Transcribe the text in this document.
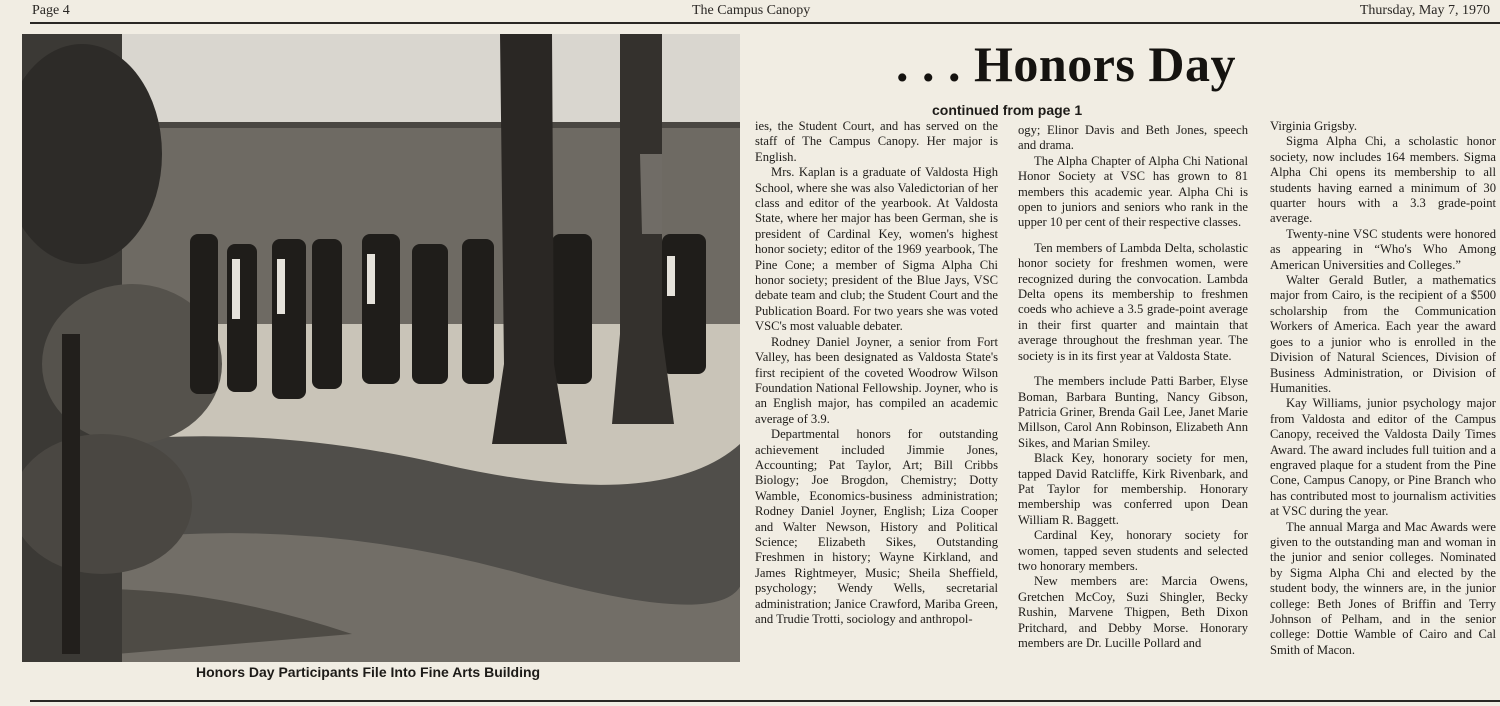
Page 4	The Campus Canopy	Thursday, May 7, 1970
Honors Day Participants File Into Fine Arts Building
. . . Honors Day
continued from page 1

ies, the Student Court, and has served on the staff of The Campus Canopy. Her major is English.

Mrs. Kaplan is a graduate of Valdosta High School, where she was also Valedictorian of her class and editor of the yearbook. At Valdosta State, where her major has been German, she is president of Cardinal Key, women's highest honor society; editor of the 1969 yearbook, The Pine Cone; a member of Sigma Alpha Chi honor society; president of the Blue Jays, VSC debate team and club; the Student Court and the Publication Board. For two years she was voted VSC's most valuable debater.

Rodney Daniel Joyner, a senior from Fort Valley, has been designated as Valdosta State's first recipient of the coveted Woodrow Wilson Foundation National Fellowship. Joyner, who is an English major, has compiled an academic average of 3.9.

Departmental honors for outstanding achievement included Jimmie Jones, Accounting; Pat Taylor, Art; Bill Cribbs Biology; Joe Brogdon, Chemistry; Dotty Wamble, Economics-business administration; Rodney Daniel Joyner, English; Liza Cooper and Walter Newson, History and Political Science; Elizabeth Sikes, Outstanding Freshmen in history; Wayne Kirkland, and James Rightmeyer, Music; Sheila Sheffield, psychology; Wendy Wells, secretarial administration; Janice Crawford, Mariba Green, and Trudie Trotti, sociology and anthropol-

ogy; Elinor Davis and Beth Jones, speech and drama.

The Alpha Chapter of Alpha Chi National Honor Society at VSC has grown to 81 members this academic year. Alpha Chi is open to juniors and seniors who rank in the upper 10 per cent of their respective classes.

Ten members of Lambda Delta, scholastic honor society for freshmen women, were recognized during the convocation. Lambda Delta opens its membership to freshmen coeds who achieve a 3.5 grade-point average in their first quarter and maintain that average throughout the freshman year. The society is in its first year at Valdosta State.

The members include Patti Barber, Elyse Boman, Barbara Bunting, Nancy Gibson, Patricia Griner, Brenda Gail Lee, Janet Marie Millson, Carol Ann Robinson, Elizabeth Ann Sikes, and Marian Smiley.

Black Key, honorary society for men, tapped David Ratcliffe, Kirk Rivenbark, and Pat Taylor for membership. Honorary membership was conferred upon Dean William R. Baggett.

Cardinal Key, honorary society for women, tapped seven students and selected two honorary members.

New members are: Marcia Owens, Gretchen McCoy, Suzi Shingler, Becky Rushin, Marvene Thigpen, Beth Dixon Pritchard, and Debby Morse. Honorary members are Dr. Lucille Pollard and

Virginia Grigsby.

Sigma Alpha Chi, a scholastic honor society, now includes 164 members. Sigma Alpha Chi opens its membership to all students having earned a minimum of 30 quarter hours with a 3.3 grade-point average.

Twenty-nine VSC students were honored as appearing in “Who's Who Among American Universities and Colleges.”

Walter Gerald Butler, a mathematics major from Cairo, is the recipient of a $500 scholarship from the Communication Workers of America. Each year the award goes to a junior who is enrolled in the Division of Natural Sciences, Division of Business Administration, or Division of Humanities.

Kay Williams, junior psychology major from Valdosta and editor of the Campus Canopy, received the Valdosta Daily Times Award. The award includes full tuition and a engraved plaque for a student from the Pine Cone, Campus Canopy, or Pine Branch who has contributed most to journalism activities at VSC during the year.

The annual Marga and Mac Awards were given to the outstanding man and woman in the junior and senior colleges. Nominated by Sigma Alpha Chi and elected by the student body, the winners are, in the junior college: Beth Jones of Briffin and Terry Johnson of Pelham, and in the senior college: Dottie Wamble of Cairo and Cal Smith of Macon.
